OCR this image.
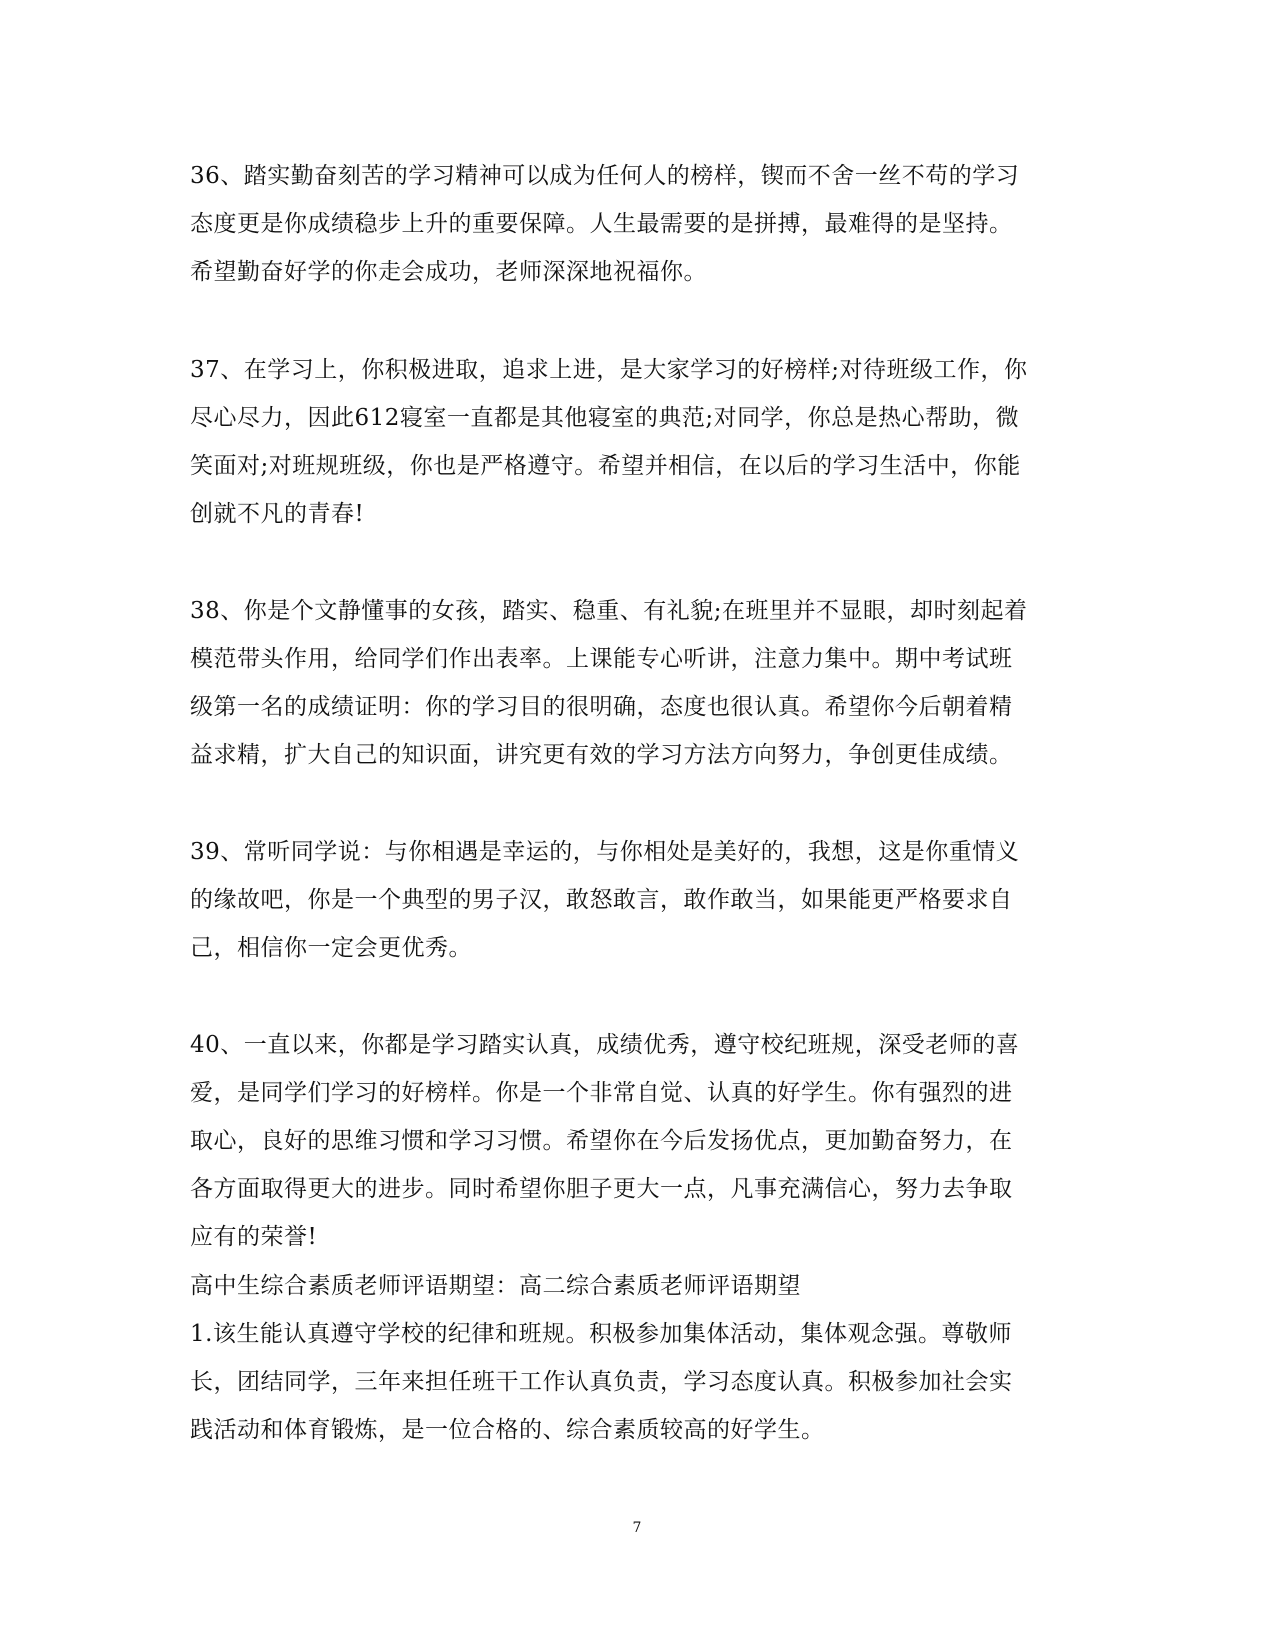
36、踏实勤奋刻苦的学习精神可以成为任何人的榜样，锲而不舍一丝不苟的学习
态度更是你成绩稳步上升的重要保障。人生最需要的是拼搏，最难得的是坚持。
希望勤奋好学的你走会成功，老师深深地祝福你。

37、在学习上，你积极进取，追求上进，是大家学习的好榜样;对待班级工作，你
尽心尽力，因此612寝室一直都是其他寝室的典范;对同学，你总是热心帮助，微
笑面对;对班规班级，你也是严格遵守。希望并相信，在以后的学习生活中，你能
创就不凡的青春!

38、你是个文静懂事的女孩，踏实、稳重、有礼貌;在班里并不显眼，却时刻起着
模范带头作用，给同学们作出表率。上课能专心听讲，注意力集中。期中考试班
级第一名的成绩证明：你的学习目的很明确，态度也很认真。希望你今后朝着精
益求精，扩大自己的知识面，讲究更有效的学习方法方向努力，争创更佳成绩。

39、常听同学说：与你相遇是幸运的，与你相处是美好的，我想，这是你重情义
的缘故吧，你是一个典型的男子汉，敢怒敢言，敢作敢当，如果能更严格要求自
己，相信你一定会更优秀。

40、一直以来，你都是学习踏实认真，成绩优秀，遵守校纪班规，深受老师的喜
爱，是同学们学习的好榜样。你是一个非常自觉、认真的好学生。你有强烈的进
取心，良好的思维习惯和学习习惯。希望你在今后发扬优点，更加勤奋努力，在
各方面取得更大的进步。同时希望你胆子更大一点，凡事充满信心，努力去争取
应有的荣誉!

高中生综合素质老师评语期望：高二综合素质老师评语期望

1.该生能认真遵守学校的纪律和班规。积极参加集体活动，集体观念强。尊敬师
长，团结同学，三年来担任班干工作认真负责，学习态度认真。积极参加社会实
践活动和体育锻炼，是一位合格的、综合素质较高的好学生。

7
